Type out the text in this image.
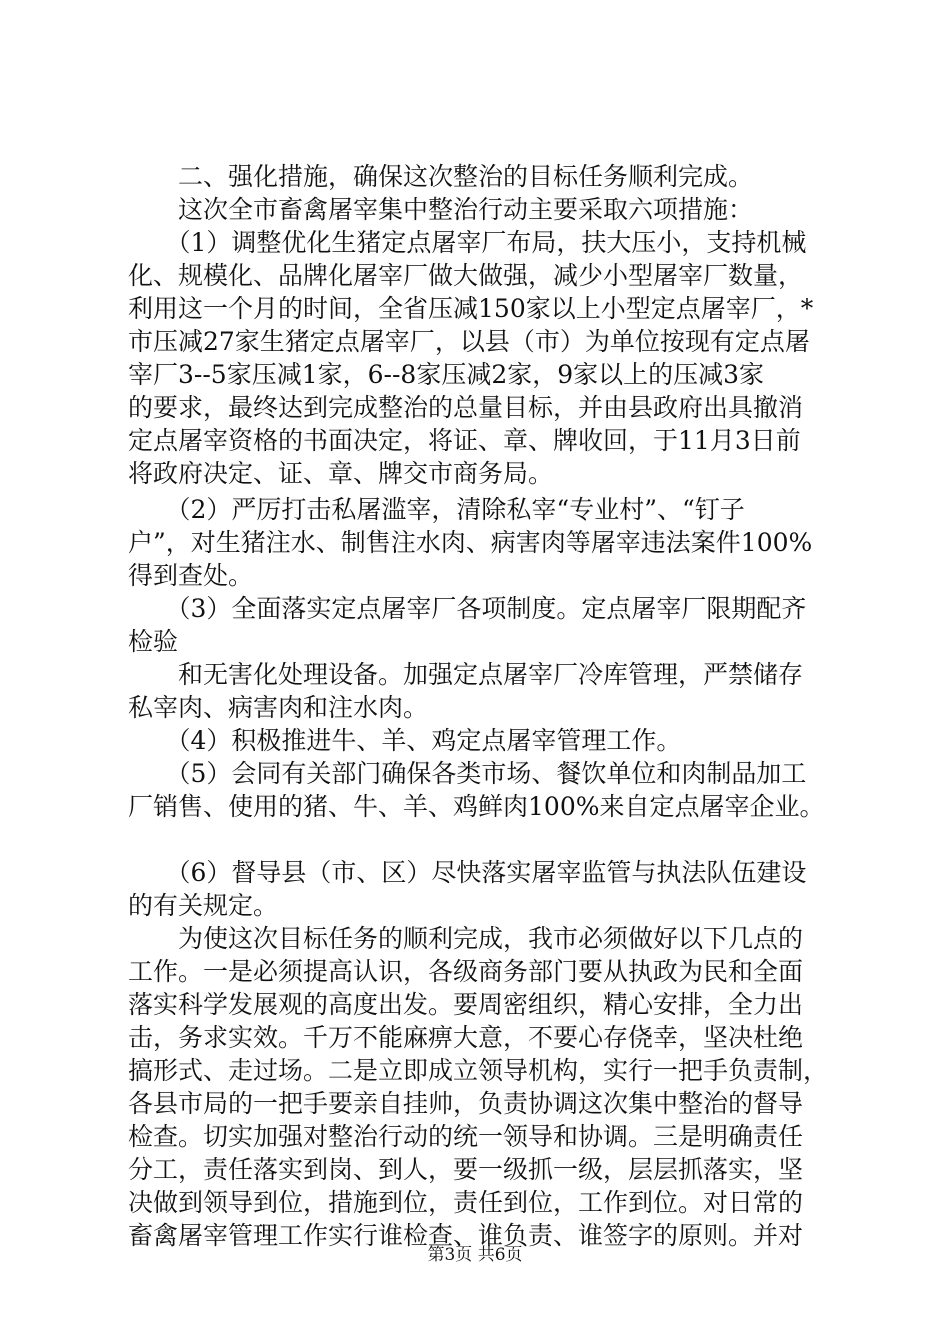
　　二、强化措施，确保这次整治的目标任务顺利完成。
　　这次全市畜禽屠宰集中整治行动主要采取六项措施：
　　（1）调整优化生猪定点屠宰厂布局，扶大压小，支持机械
化、规模化、品牌化屠宰厂做大做强，减少小型屠宰厂数量，
利用这一个月的时间，全省压减150家以上小型定点屠宰厂，*
市压减27家生猪定点屠宰厂，以县（市）为单位按现有定点屠
宰厂3--5家压减1家，6--8家压减2家，9家以上的压减3家
的要求，最终达到完成整治的总量目标，并由县政府出具撤消
定点屠宰资格的书面决定，将证、章、牌收回，于11月3日前
将政府决定、证、章、牌交市商务局。
　　（2）严厉打击私屠滥宰，清除私宰“专业村”、“钉子
户”，对生猪注水、制售注水肉、病害肉等屠宰违法案件100%
得到查处。
　　（3）全面落实定点屠宰厂各项制度。定点屠宰厂限期配齐
检验
　　和无害化处理设备。加强定点屠宰厂冷库管理，严禁储存
私宰肉、病害肉和注水肉。
　　（4）积极推进牛、羊、鸡定点屠宰管理工作。
　　（5）会同有关部门确保各类市场、餐饮单位和肉制品加工
厂销售、使用的猪、牛、羊、鸡鲜肉100%来自定点屠宰企业。
　　（6）督导县（市、区）尽快落实屠宰监管与执法队伍建设
的有关规定。
　　为使这次目标任务的顺利完成，我市必须做好以下几点的
工作。一是必须提高认识，各级商务部门要从执政为民和全面
落实科学发展观的高度出发。要周密组织，精心安排，全力出
击，务求实效。千万不能麻痹大意，不要心存侥幸，坚决杜绝
搞形式、走过场。二是立即成立领导机构，实行一把手负责制，
各县市局的一把手要亲自挂帅，负责协调这次集中整治的督导
检查。切实加强对整治行动的统一领导和协调。三是明确责任
分工，责任落实到岗、到人，要一级抓一级，层层抓落实，坚
决做到领导到位，措施到位，责任到位，工作到位。对日常的
畜禽屠宰管理工作实行谁检查、谁负责、谁签字的原则。并对
第3页 共6页
